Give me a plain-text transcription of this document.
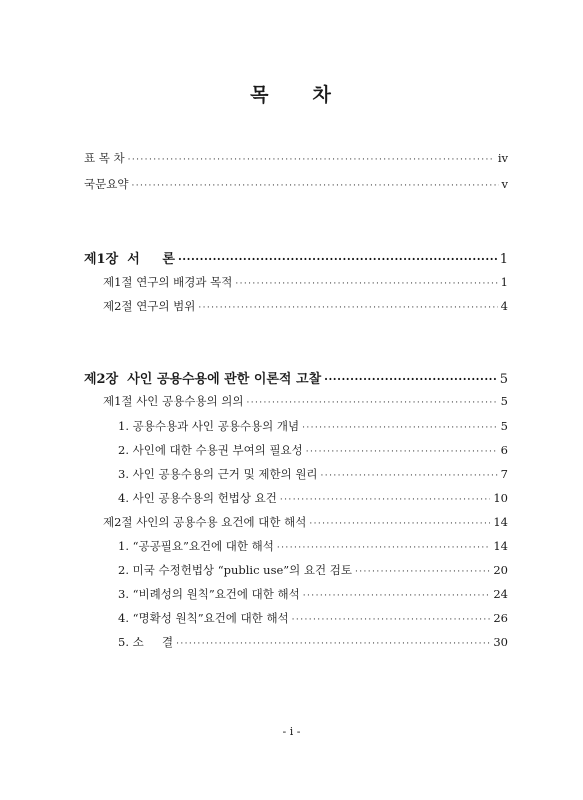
목 차
표 목 차 ·····	ⅳ
국문요약 ·····	ⅴ
제1장  서     론 ·····	1
제1절 연구의 배경과 목적 ·····	1
제2절 연구의 범위 ·····	4
제2장  사인 공용수용에 관한 이론적 고찰 ·····	5
제1절 사인 공용수용의 의의 ·····	5
1. 공용수용과 사인 공용수용의 개념 ·····	5
2. 사인에 대한 수용권 부여의 필요성 ·····	6
3. 사인 공용수용의 근거 및 제한의 원리 ·····	7
4. 사인 공용수용의 헌법상 요건 ·····	10
제2절 사인의 공용수용 요건에 대한 해석 ·····	14
1. “공공필요”요건에 대한 해석 ·····	14
2. 미국 수정헌법상 “public use”의 요건 검토 ·····	20
3. “비례성의 원칙”요건에 대한 해석 ·····	24
4. “명확성 원칙”요건에 대한 해석 ·····	26
5. 소     결 ·····	30
- ⅰ -
